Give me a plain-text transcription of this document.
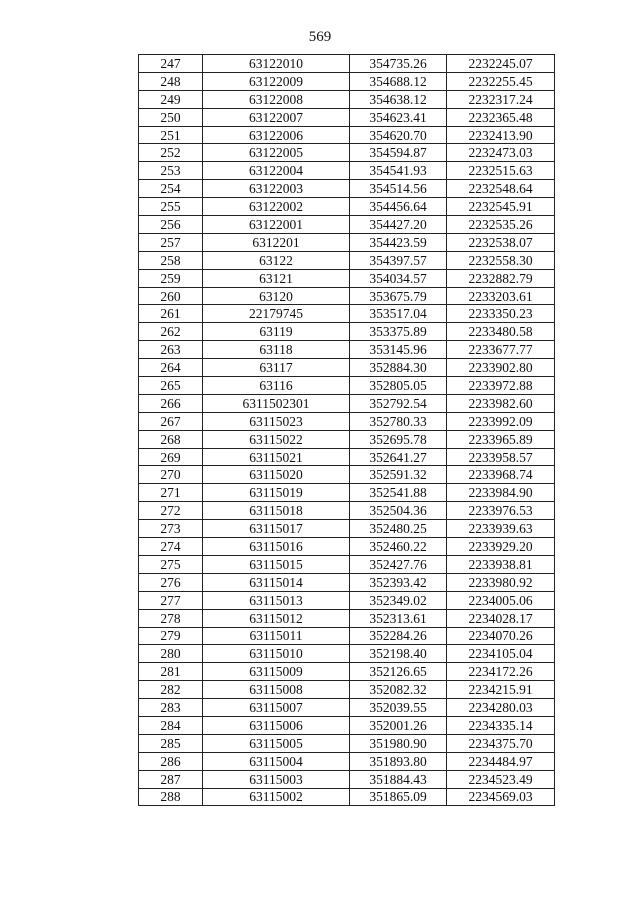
569
247	63122010	354735.26	2232245.07
248	63122009	354688.12	2232255.45
249	63122008	354638.12	2232317.24
250	63122007	354623.41	2232365.48
251	63122006	354620.70	2232413.90
252	63122005	354594.87	2232473.03
253	63122004	354541.93	2232515.63
254	63122003	354514.56	2232548.64
255	63122002	354456.64	2232545.91
256	63122001	354427.20	2232535.26
257	6312201	354423.59	2232538.07
258	63122	354397.57	2232558.30
259	63121	354034.57	2232882.79
260	63120	353675.79	2233203.61
261	22179745	353517.04	2233350.23
262	63119	353375.89	2233480.58
263	63118	353145.96	2233677.77
264	63117	352884.30	2233902.80
265	63116	352805.05	2233972.88
266	6311502301	352792.54	2233982.60
267	63115023	352780.33	2233992.09
268	63115022	352695.78	2233965.89
269	63115021	352641.27	2233958.57
270	63115020	352591.32	2233968.74
271	63115019	352541.88	2233984.90
272	63115018	352504.36	2233976.53
273	63115017	352480.25	2233939.63
274	63115016	352460.22	2233929.20
275	63115015	352427.76	2233938.81
276	63115014	352393.42	2233980.92
277	63115013	352349.02	2234005.06
278	63115012	352313.61	2234028.17
279	63115011	352284.26	2234070.26
280	63115010	352198.40	2234105.04
281	63115009	352126.65	2234172.26
282	63115008	352082.32	2234215.91
283	63115007	352039.55	2234280.03
284	63115006	352001.26	2234335.14
285	63115005	351980.90	2234375.70
286	63115004	351893.80	2234484.97
287	63115003	351884.43	2234523.49
288	63115002	351865.09	2234569.03
